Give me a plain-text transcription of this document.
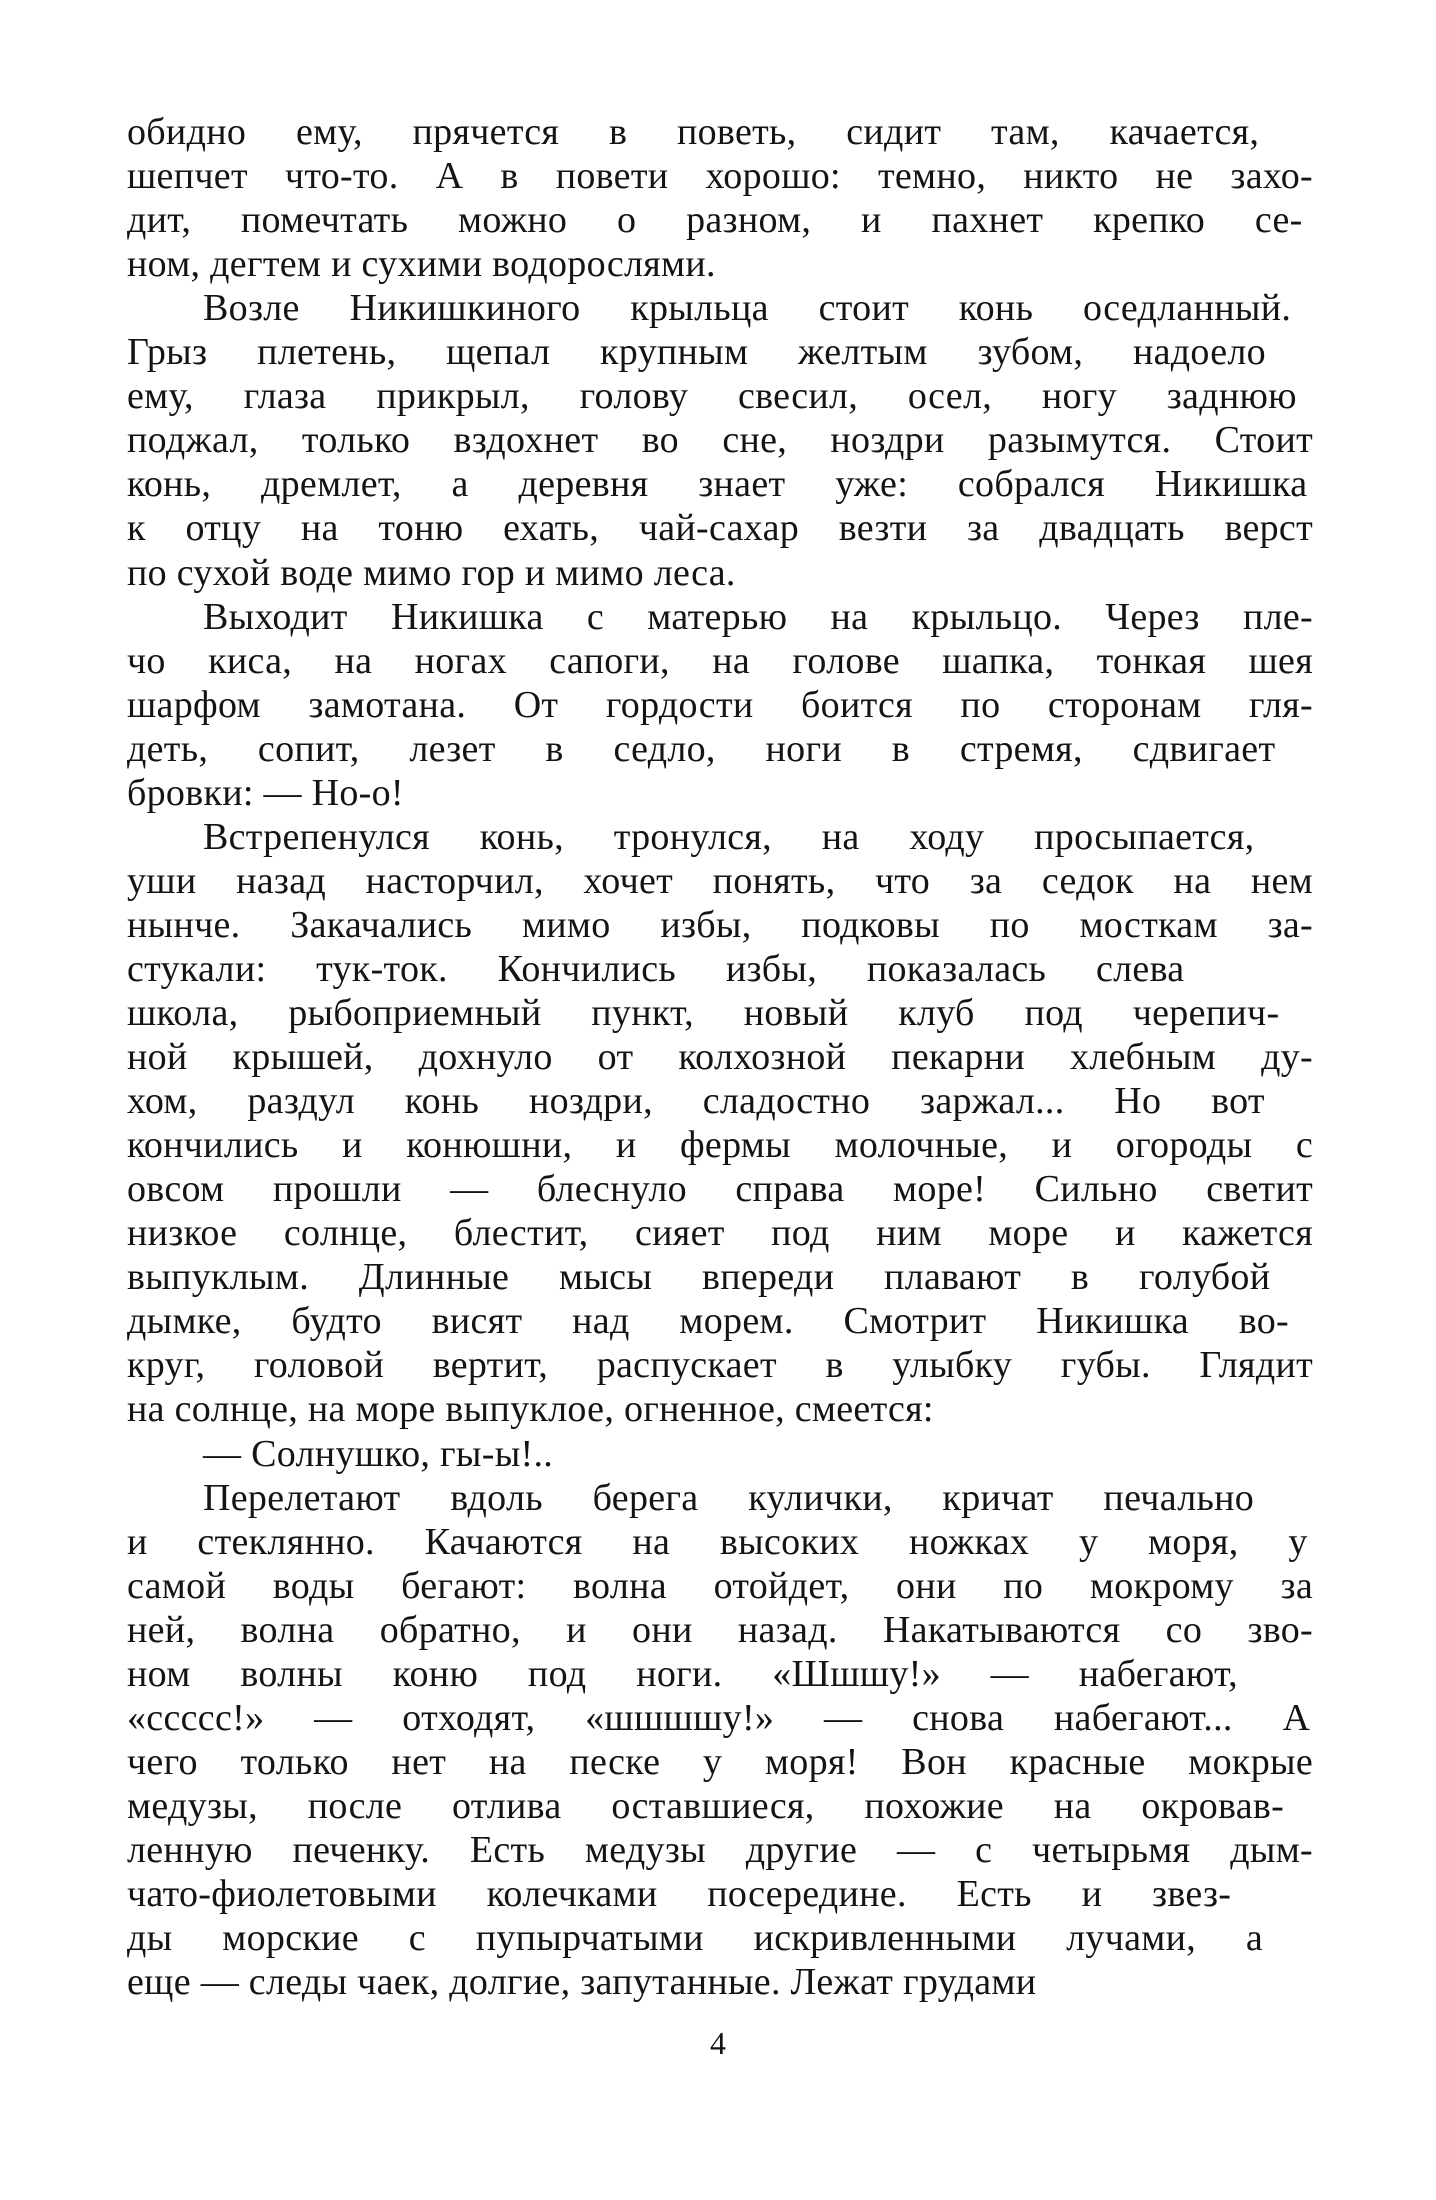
обидно ему, прячется в поветь, сидит там, качается,
шепчет что-то. А в повети хорошо: темно, никто не захо-
дит, помечтать можно о разном, и пахнет крепко се-
ном, дегтем и сухими водорослями.
Возле Никишкиного крыльца стоит конь оседланный.
Грыз плетень, щепал крупным желтым зубом, надоело
ему, глаза прикрыл, голову свесил, осел, ногу заднюю
поджал, только вздохнет во сне, ноздри разымутся. Стоит
конь, дремлет, а деревня знает уже: собрался Никишка
к отцу на тоню ехать, чай-сахар везти за двадцать верст
по сухой воде мимо гор и мимо леса.
Выходит Никишка с матерью на крыльцо. Через пле-
чо киса, на ногах сапоги, на голове шапка, тонкая шея
шарфом замотана. От гордости боится по сторонам гля-
деть, сопит, лезет в седло, ноги в стремя, сдвигает
бровки: — Но-о!
Встрепенулся конь, тронулся, на ходу просыпается,
уши назад насторчил, хочет понять, что за седок на нем
нынче. Закачались мимо избы, подковы по мосткам за-
стукали: тук-ток. Кончились избы, показалась слева
школа, рыбоприемный пункт, новый клуб под черепич-
ной крышей, дохнуло от колхозной пекарни хлебным ду-
хом, раздул конь ноздри, сладостно заржал... Но вот
кончились и конюшни, и фермы молочные, и огороды с
овсом прошли — блеснуло справа море! Сильно светит
низкое солнце, блестит, сияет под ним море и кажется
выпуклым. Длинные мысы впереди плавают в голубой
дымке, будто висят над морем. Смотрит Никишка во-
круг, головой вертит, распускает в улыбку губы. Глядит
на солнце, на море выпуклое, огненное, смеется:
— Солнушко, гы-ы!..
Перелетают вдоль берега кулички, кричат печально
и стеклянно. Качаются на высоких ножках у моря, у
самой воды бегают: волна отойдет, они по мокрому за
ней, волна обратно, и они назад. Накатываются со зво-
ном волны коню под ноги. «Шшшу!» — набегают,
«ссссс!» — отходят, «шшшшу!» — снова набегают... А
чего только нет на песке у моря! Вон красные мокрые
медузы, после отлива оставшиеся, похожие на окровав-
ленную печенку. Есть медузы другие — с четырьмя дым-
чато-фиолетовыми колечками посередине. Есть и звез-
ды морские с пупырчатыми искривленными лучами, а
еще — следы чаек, долгие, запутанные. Лежат грудами
4
